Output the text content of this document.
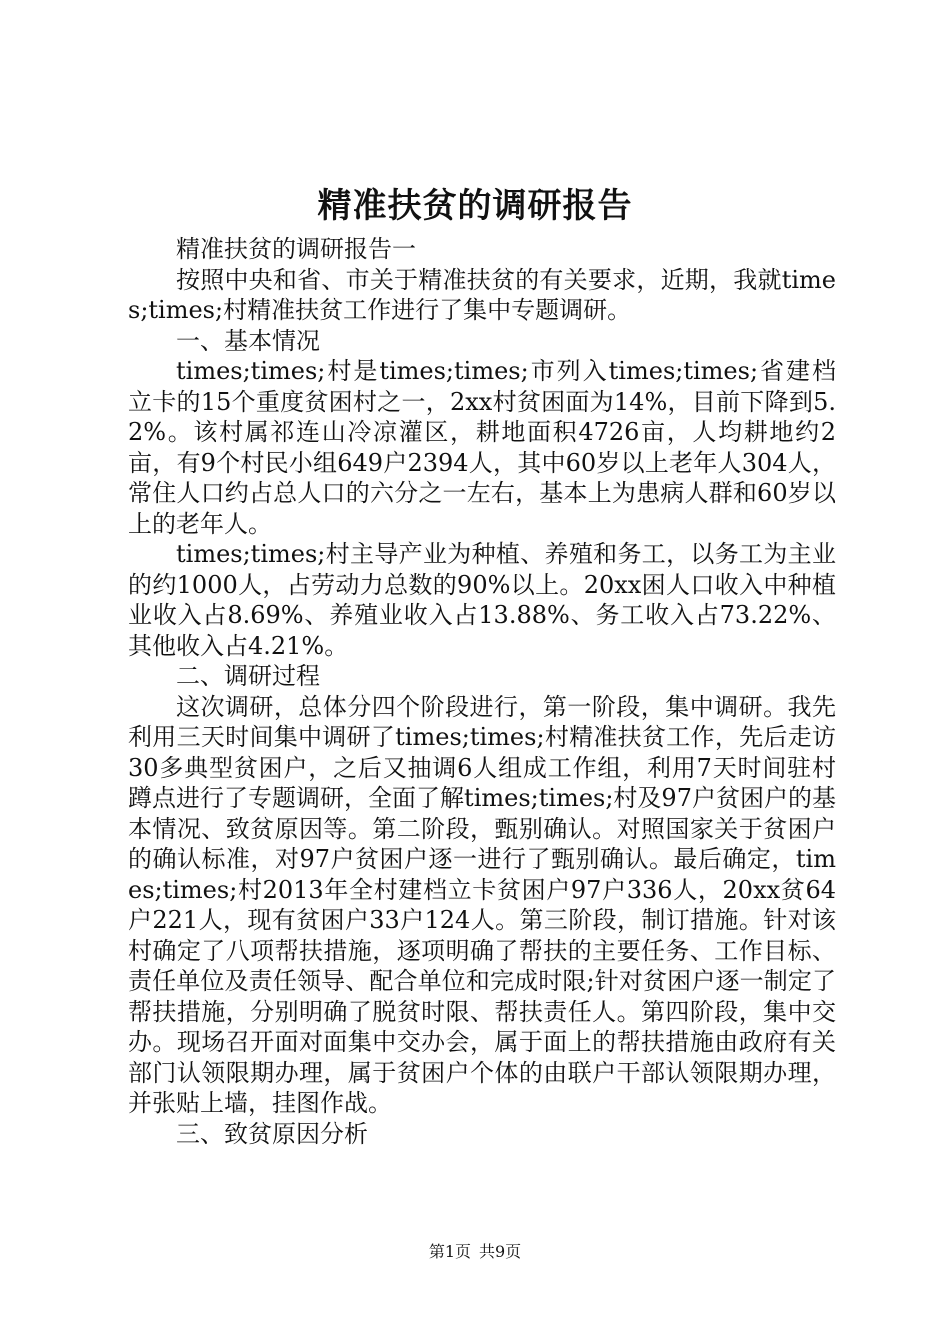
精准扶贫的调研报告

精准扶贫的调研报告一

按照中央和省、市关于精准扶贫的有关要求，近期，我就times;times;村精准扶贫工作进行了集中专题调研。

一、基本情况

times;times;村是times;times;市列入times;times;省建档立卡的15个重度贫困村之一，2xx村贫困面为14%，目前下降到5.2%。该村属祁连山冷凉灌区，耕地面积4726亩，人均耕地约2亩，有9个村民小组649户2394人，其中60岁以上老年人304人，常住人口约占总人口的六分之一左右，基本上为患病人群和60岁以上的老年人。

times;times;村主导产业为种植、养殖和务工，以务工为主业的约1000人，占劳动力总数的90%以上。20xx困人口收入中种植业收入占8.69%、养殖业收入占13.88%、务工收入占73.22%、其他收入占4.21%。

二、调研过程

这次调研，总体分四个阶段进行，第一阶段，集中调研。我先利用三天时间集中调研了times;times;村精准扶贫工作，先后走访30多典型贫困户，之后又抽调6人组成工作组，利用7天时间驻村蹲点进行了专题调研，全面了解times;times;村及97户贫困户的基本情况、致贫原因等。第二阶段，甄别确认。对照国家关于贫困户的确认标准，对97户贫困户逐一进行了甄别确认。最后确定，times;times;村2013年全村建档立卡贫困户97户336人，20xx贫64户221人，现有贫困户33户124人。第三阶段，制订措施。针对该村确定了八项帮扶措施，逐项明确了帮扶的主要任务、工作目标、责任单位及责任领导、配合单位和完成时限;针对贫困户逐一制定了帮扶措施，分别明确了脱贫时限、帮扶责任人。第四阶段，集中交办。现场召开面对面集中交办会，属于面上的帮扶措施由政府有关部门认领限期办理，属于贫困户个体的由联户干部认领限期办理，并张贴上墙，挂图作战。

三、致贫原因分析

第1页 共9页
